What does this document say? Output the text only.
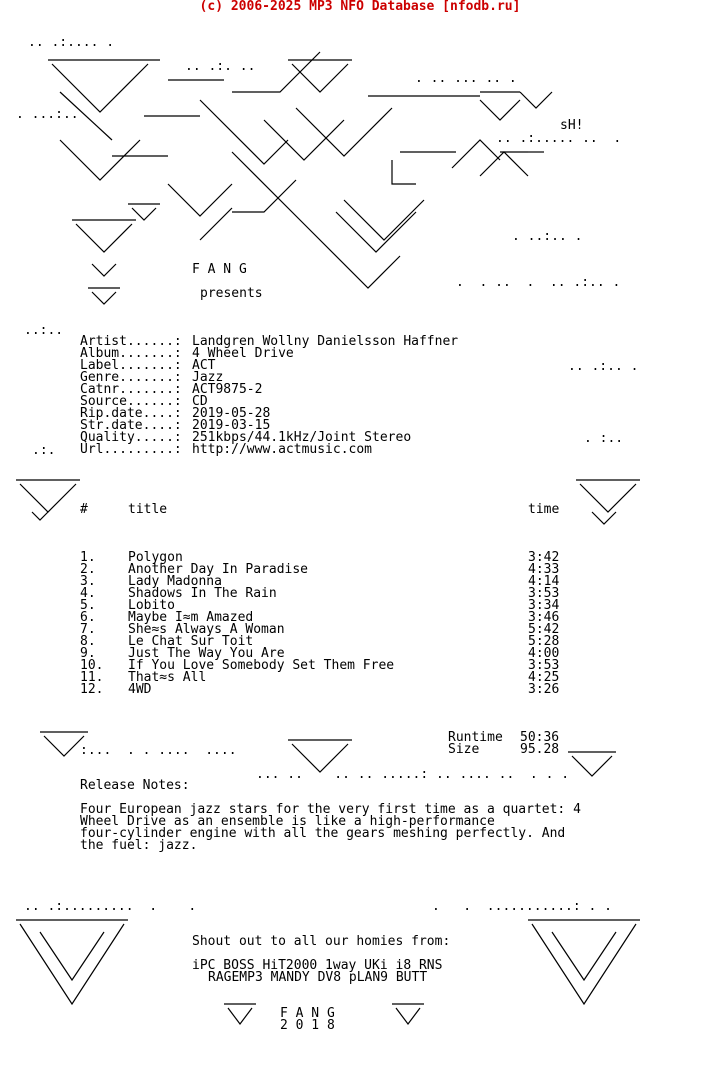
(c) 2006-2025 MP3 NFO Database [nfodb.ru]
.. .:.... .
.. .:. ..
. .. ... .. .
. ...:..
.. .:..... ..  .
. ..:.. .
.  . ..  .  .. .:.. .
..:..
.. .:.. .
. :..
.:.
:...  . . ....  ....
... ..    .. .. .....: .. .... ..  . . .
.. .:.........  .    .	.   .  ...........: . .
F A N G
presents
sH!
Artist......: Landgren Wollny Danielsson Haffner
Album.......: 4 Wheel Drive
Label.......: ACT
Genre.......: Jazz
Catnr.......: ACT9875-2
Source......: CD
Rip.date....: 2019-05-28
Str.date....: 2019-03-15
Quality.....: 251kbps/44.1kHz/Joint Stereo
Url.........: http://www.actmusic.com
#	title	time
1. Polygon	3:42
2. Another Day In Paradise	4:33
3. Lady Madonna	4:14
4. Shadows In The Rain	3:53
5. Lobito	3:34
6. Maybe I≈m Amazed	3:46
7. She≈s Always A Woman	5:42
8. Le Chat Sur Toit	5:28
9. Just The Way You Are	4:00
10. If You Love Somebody Set Them Free	3:53
11. That≈s All	4:25
12. 4WD	3:26
Runtime 50:36
Size	95.28
Release Notes:
Four European jazz stars for the very first time as a quartet: 4
Wheel Drive as an ensemble is like a high-performance
four-cylinder engine with all the gears meshing perfectly. And
the fuel: jazz.
Shout out to all our homies from:
iPC BOSS HiT2000 1way UKi i8 RNS
RAGEMP3 MANDY DV8 pLAN9 BUTT
F A N G
2 0 1 8
